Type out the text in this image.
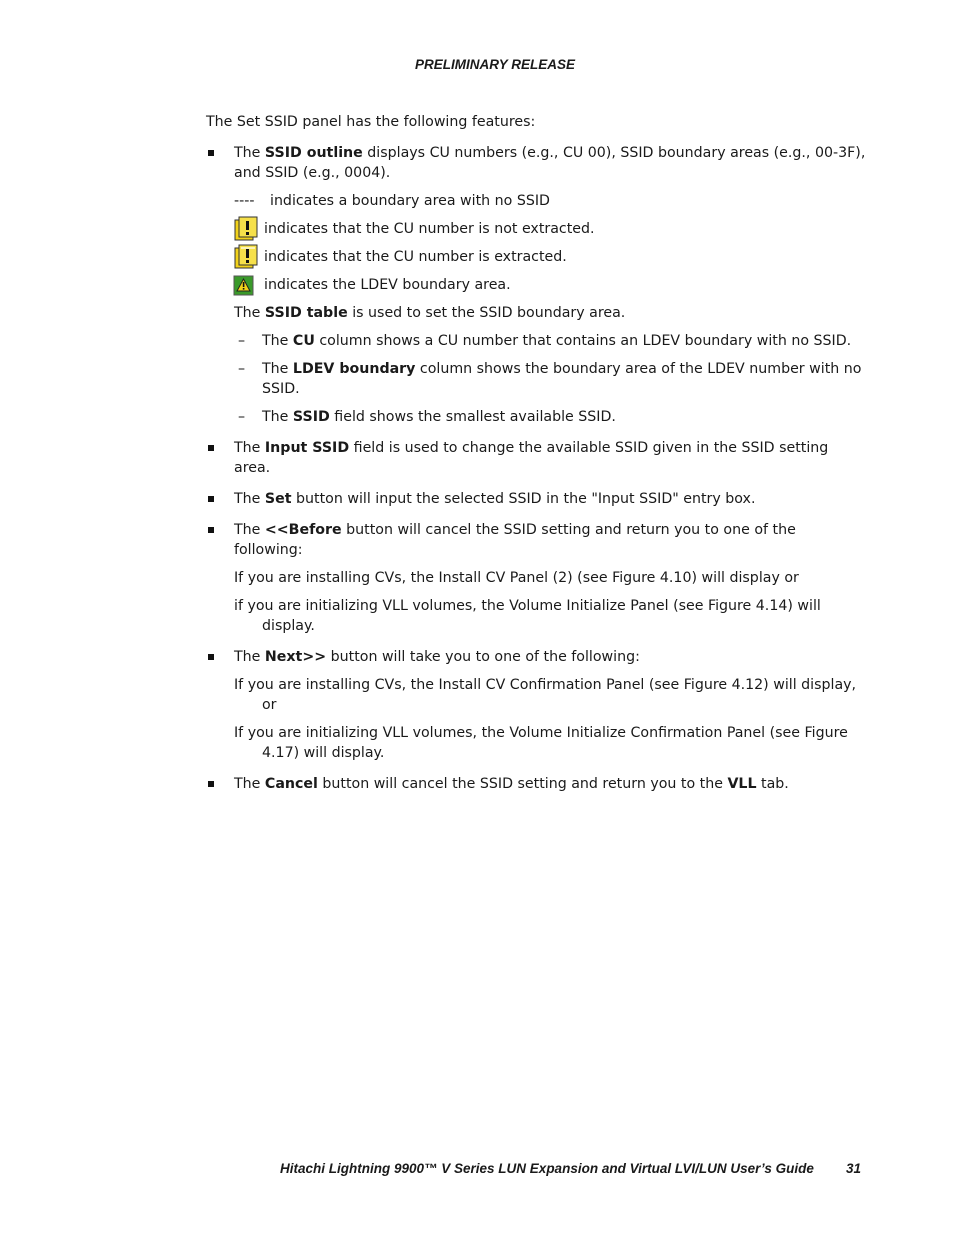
PRELIMINARY RELEASE

The Set SSID panel has the following features:

The SSID outline displays CU numbers (e.g., CU 00), SSID boundary areas (e.g., 00-3F), and SSID (e.g., 0004).

---- indicates a boundary area with no SSID
indicates that the CU number is not extracted.
indicates that the CU number is extracted.
indicates the LDEV boundary area.

The SSID table is used to set the SSID boundary area.

– The CU column shows a CU number that contains an LDEV boundary with no SSID.

– The LDEV boundary column shows the boundary area of the LDEV number with no SSID.

– The SSID field shows the smallest available SSID.

The Input SSID field is used to change the available SSID given in the SSID setting area.

The Set button will input the selected SSID in the "Input SSID" entry box.

The <<Before button will cancel the SSID setting and return you to one of the following:

If you are installing CVs, the Install CV Panel (2) (see Figure 4.10) will display or

if you are initializing VLL volumes, the Volume Initialize Panel (see Figure 4.14) will display.

The Next>> button will take you to one of the following:

If you are installing CVs, the Install CV Confirmation Panel (see Figure 4.12) will display, or

If you are initializing VLL volumes, the Volume Initialize Confirmation Panel (see Figure 4.17) will display.

The Cancel button will cancel the SSID setting and return you to the VLL tab.

Hitachi Lightning 9900™ V Series LUN Expansion and Virtual LVI/LUN User’s Guide 31
